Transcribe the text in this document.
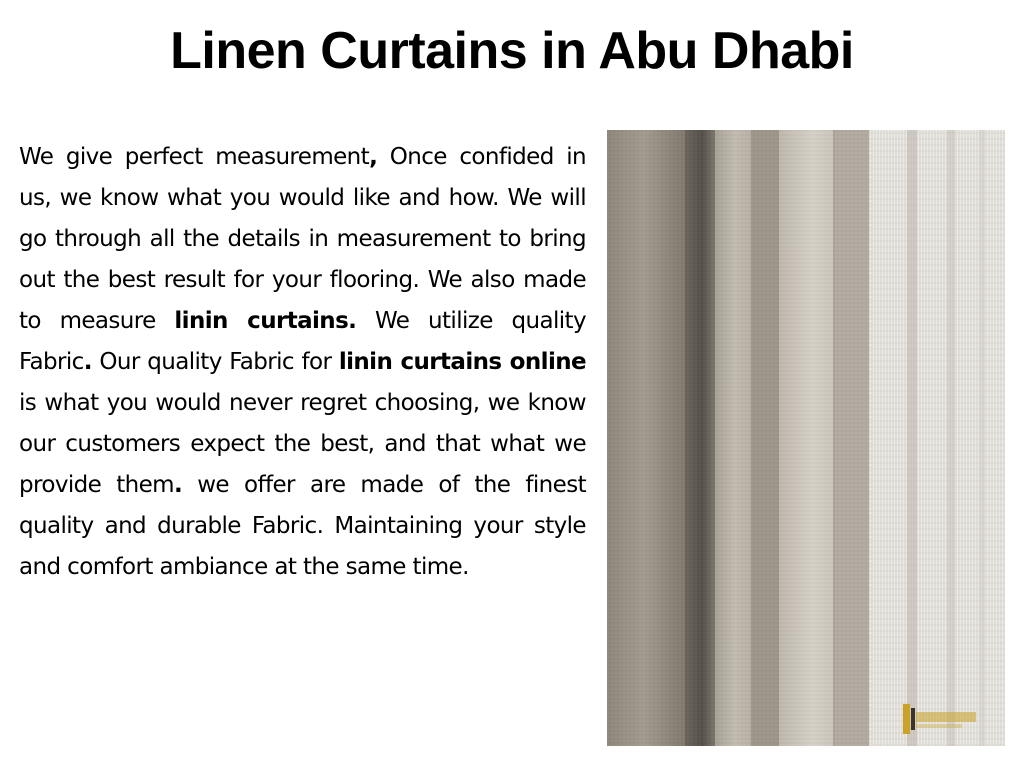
Linen Curtains in Abu Dhabi

We give perfect measurement, Once confided in us, we know what you would like and how. We will go through all the details in measurement to bring out the best result for your flooring. We also made to measure linin curtains. We utilize quality Fabric. Our quality Fabric for linin curtains online is what you would never regret choosing, we know our customers expect the best, and that what we provide them. we offer are made of the finest quality and durable Fabric. Maintaining your style and comfort ambiance at the same time.
